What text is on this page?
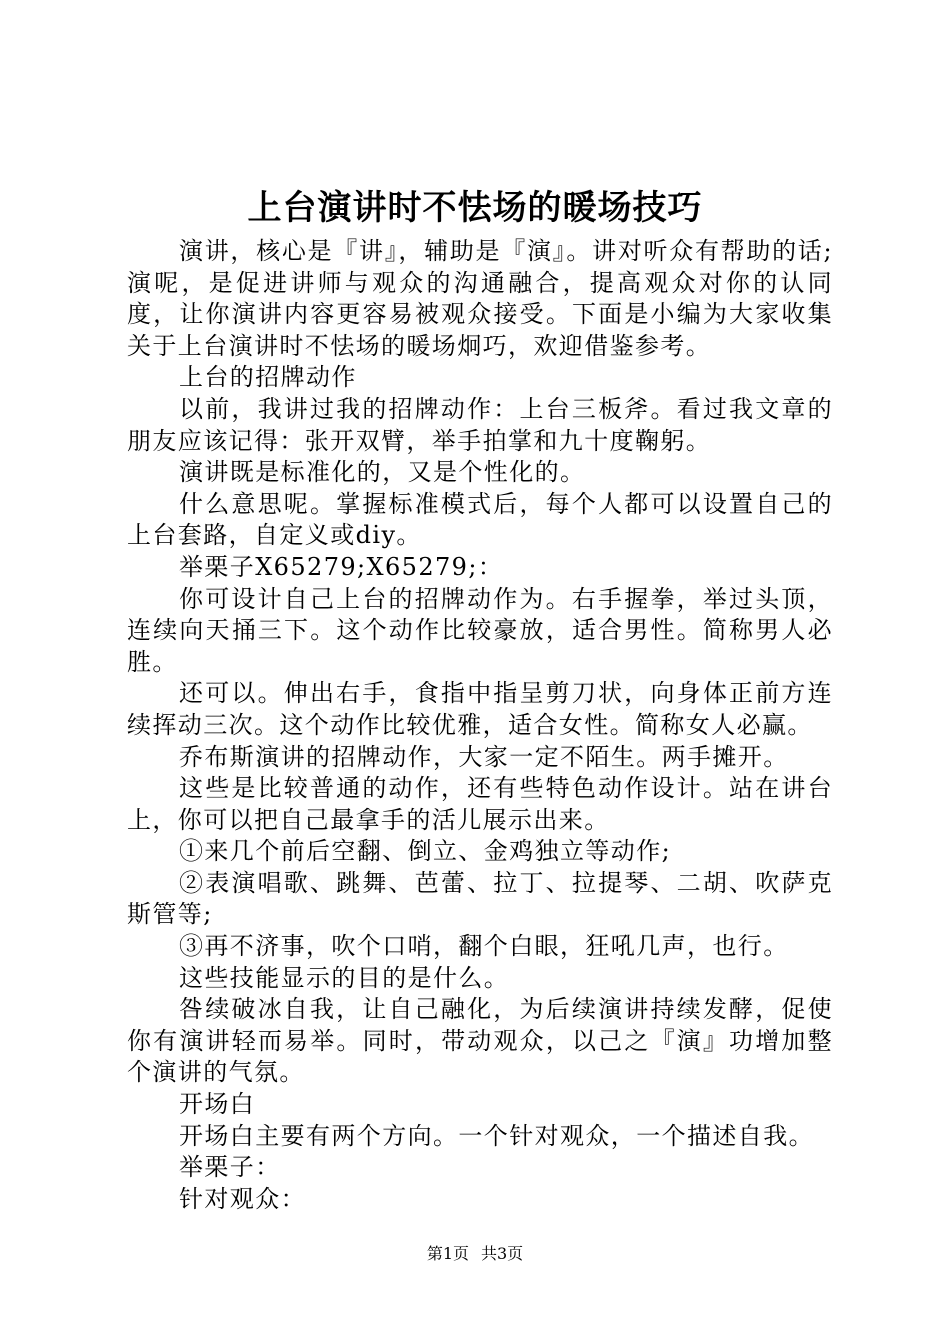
上台演讲时不怯场的暖场技巧

演讲，核心是『讲』，辅助是『演』。讲对听众有帮助的话;演呢，是促进讲师与观众的沟通融合，提高观众对你的认同度，让你演讲内容更容易被观众接受。下面是小编为大家收集关于上台演讲时不怯场的暖场炯巧，欢迎借鉴参考。

上台的招牌动作

以前，我讲过我的招牌动作：上台三板斧。看过我文章的朋友应该记得：张开双臂，举手拍掌和九十度鞠躬。

演讲既是标准化的，又是个性化的。

什么意思呢。掌握标准模式后，每个人都可以设置自己的上台套路，自定义或diy。

举栗子X65279;X65279;：

你可设计自己上台的招牌动作为。右手握拳，举过头顶，连续向天捅三下。这个动作比较豪放，适合男性。简称男人必胜。

还可以。伸出右手，食指中指呈剪刀状，向身体正前方连续挥动三次。这个动作比较优雅，适合女性。简称女人必赢。

乔布斯演讲的招牌动作，大家一定不陌生。两手摊开。

这些是比较普通的动作，还有些特色动作设计。站在讲台上，你可以把自己最拿手的活儿展示出来。

①来几个前后空翻、倒立、金鸡独立等动作;

②表演唱歌、跳舞、芭蕾、拉丁、拉提琴、二胡、吹萨克斯管等;

③再不济事，吹个口哨，翻个白眼，狂吼几声，也行。

这些技能显示的目的是什么。

咎续破冰自我，让自己融化，为后续演讲持续发酵，促使你有演讲轻而易举。同时，带动观众，以己之『演』功增加整个演讲的气氛。

开场白

开场白主要有两个方向。一个针对观众，一个描述自我。

举栗子：

针对观众：

第1页 共3页
